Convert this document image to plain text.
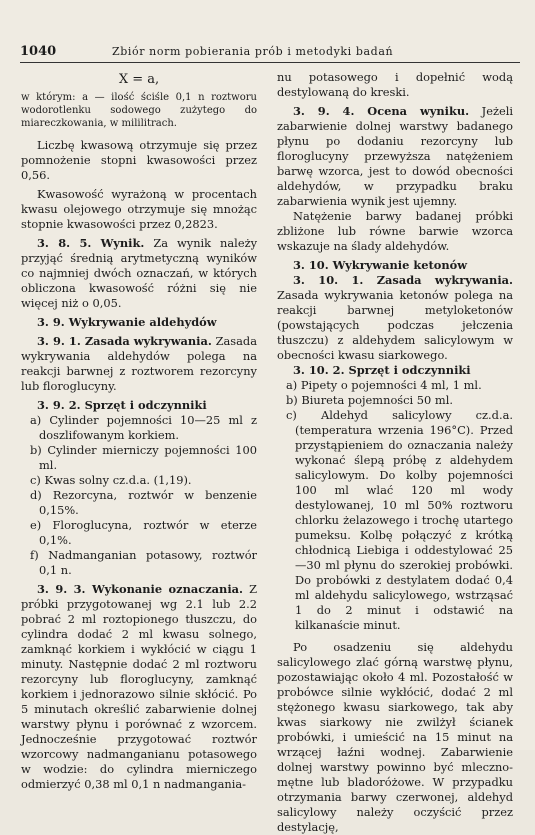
1040	Zbiór norm pobierania prób i metodyki badań

X = a,

w którym: a — ilość ściśle 0,1 n roztworu wodorotlenku sodowego zużytego do miareczkowania, w mililitrach.

Liczbę kwasową otrzymuje się przez pomnożenie stopni kwasowości przez 0,56.

Kwasowość wyrażoną w procentach kwasu olejowego otrzymuje się mnożąc stopnie kwasowości przez 0,2823.

3. 8. 5. Wynik. Za wynik należy przyjąć średnią arytmetyczną wyników co najmniej dwóch oznaczań, w których obliczona kwasowość różni się nie więcej niż o 0,05.

3. 9. Wykrywanie aldehydów

3. 9. 1. Zasada wykrywania. Zasada wykrywania aldehydów polega na reakcji barwnej z roztworem rezorcyny lub floroglucyny.

3. 9. 2. Sprzęt i odczynniki

a) Cylinder pojemności 10—25 ml z doszlifowanym korkiem.

b) Cylinder mierniczy pojemności 100 ml.

c) Kwas solny cz.d.a. (1,19).

d) Rezorcyna, roztwór w benzenie 0,15%.

e) Floroglucyna, roztwór w eterze 0,1%.

f) Nadmanganian potasowy, roztwór 0,1 n.

3. 9. 3. Wykonanie oznaczania. Z próbki przygotowanej wg 2.1 lub 2.2 pobrać 2 ml roztopionego tłuszczu, do cylindra dodać 2 ml kwasu solnego, zamknąć korkiem i wykłócić w ciągu 1 minuty. Następnie dodać 2 ml roztworu rezorcyny lub floroglucyny, zamknąć korkiem i jednorazowo silnie skłócić. Po 5 minutach określić zabarwienie dolnej warstwy płynu i porównać z wzorcem. Jednocześnie przygotować roztwór wzorcowy nadmanganianu potasowego w wodzie: do cylindra mierniczego odmierzyć 0,38 ml 0,1 n nadmangania-

nu potasowego i dopełnić wodą destylowaną do kreski.

3. 9. 4. Ocena wyniku. Jeżeli zabarwienie dolnej warstwy badanego płynu po dodaniu rezorcyny lub floroglucyny przewyższa natężeniem barwę wzorca, jest to dowód obecności aldehydów, w przypadku braku zabarwienia wynik jest ujemny.

Natężenie barwy badanej próbki zbliżone lub równe barwie wzorca wskazuje na ślady aldehydów.

3. 10. Wykrywanie ketonów

3. 10. 1. Zasada wykrywania. Zasada wykrywania ketonów polega na reakcji barwnej metyloketonów (powstających podczas jełczenia tłuszczu) z aldehydem salicylowym w obecności kwasu siarkowego.

3. 10. 2. Sprzęt i odczynniki

a) Pipety o pojemności 4 ml, 1 ml.

b) Biureta pojemności 50 ml.

c) Aldehyd salicylowy cz.d.a. (temperatura wrzenia 196°C). Przed przystąpieniem do oznaczania należy wykonać ślepą próbę z aldehydem salicylowym. Do kolby pojemności 100 ml wlać 120 ml wody destylowanej, 10 ml 50% roztworu chlorku żelazowego i trochę utartego pumeksu. Kolbę połączyć z krótką chłodnicą Liebiga i oddestylować 25—30 ml płynu do szerokiej probówki. Do probówki z destylatem dodać 0,4 ml aldehydu salicylowego, wstrząsać 1 do 2 minut i odstawić na kilkanaście minut.

Po osadzeniu się aldehydu salicylowego zlać górną warstwę płynu, pozostawiając około 4 ml. Pozostałość w probówce silnie wykłócić, dodać 2 ml stężonego kwasu siarkowego, tak aby kwas siarkowy nie zwilżył ścianek probówki, i umieścić na 15 minut na wrzącej łaźni wodnej. Zabarwienie dolnej warstwy powinno być mleczno-mętne lub bladoróżowe. W przypadku otrzymania barwy czerwonej, aldehyd salicylowy należy oczyścić przez destylację,
